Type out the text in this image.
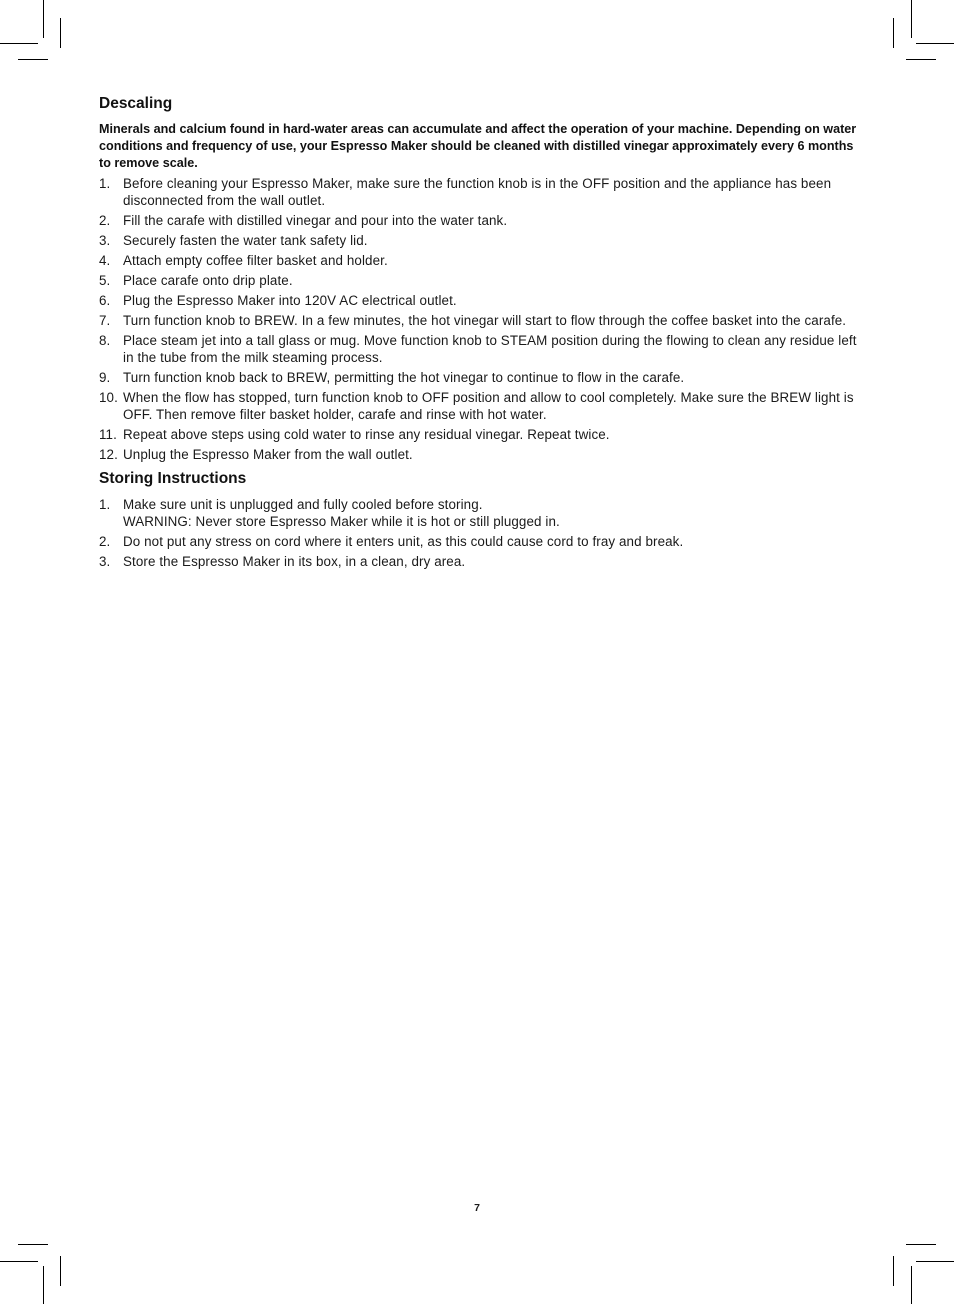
Descaling

Minerals and calcium found in hard-water areas can accumulate and affect the operation of your machine. Depending on water conditions and frequency of use, your Espresso Maker should be cleaned with distilled vinegar approximately every 6 months to remove scale.

1. Before cleaning your Espresso Maker, make sure the function knob is in the OFF position and the appliance has been disconnected from the wall outlet.
2. Fill the carafe with distilled vinegar and pour into the water tank.
3. Securely fasten the water tank safety lid.
4. Attach empty coffee filter basket and holder.
5. Place carafe onto drip plate.
6. Plug the Espresso Maker into 120V AC electrical outlet.
7. Turn function knob to BREW. In a few minutes, the hot vinegar will start to flow through the coffee basket into the carafe.
8. Place steam jet into a tall glass or mug. Move function knob to STEAM position during the flowing to clean any residue left in the tube from the milk steaming process.
9. Turn function knob back to BREW, permitting the hot vinegar to continue to flow in the carafe.
10. When the flow has stopped, turn function knob to OFF position and allow to cool completely. Make sure the BREW light is OFF. Then remove filter basket holder, carafe and rinse with hot water.
11. Repeat above steps using cold water to rinse any residual vinegar. Repeat twice.
12. Unplug the Espresso Maker from the wall outlet.
Storing Instructions
1. Make sure unit is unplugged and fully cooled before storing.
WARNING: Never store Espresso Maker while it is hot or still plugged in.
2. Do not put any stress on cord where it enters unit, as this could cause cord to fray and break.
3. Store the Espresso Maker in its box, in a clean, dry area.
7
